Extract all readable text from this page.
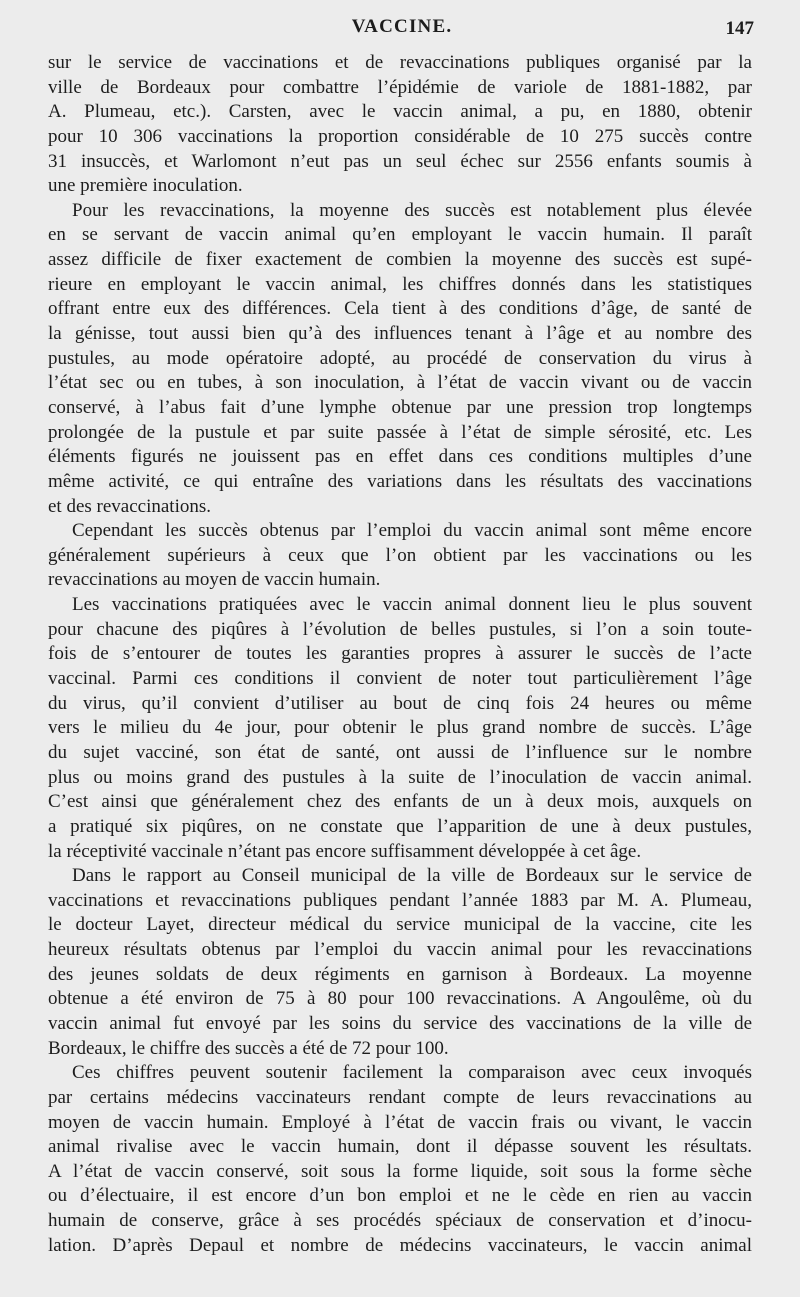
VACCINE.	147
sur le service de vaccinations et de revaccinations publiques organisé par la
ville de Bordeaux pour combattre l’épidémie de variole de 1881-1882, par
A. Plumeau, etc.). Carsten, avec le vaccin animal, a pu, en 1880, obtenir
pour 10 306 vaccinations la proportion considérable de 10 275 succès contre
31 insuccès, et Warlomont n’eut pas un seul échec sur 2556 enfants soumis à
une première inoculation.
Pour les revaccinations, la moyenne des succès est notablement plus élevée
en se servant de vaccin animal qu’en employant le vaccin humain. Il paraît
assez difficile de fixer exactement de combien la moyenne des succès est supé-
rieure en employant le vaccin animal, les chiffres donnés dans les statistiques
offrant entre eux des différences. Cela tient à des conditions d’âge, de santé de
la génisse, tout aussi bien qu’à des influences tenant à l’âge et au nombre des
pustules, au mode opératoire adopté, au procédé de conservation du virus à
l’état sec ou en tubes, à son inoculation, à l’état de vaccin vivant ou de vaccin
conservé, à l’abus fait d’une lymphe obtenue par une pression trop longtemps
prolongée de la pustule et par suite passée à l’état de simple sérosité, etc. Les
éléments figurés ne jouissent pas en effet dans ces conditions multiples d’une
même activité, ce qui entraîne des variations dans les résultats des vaccinations
et des revaccinations.
Cependant les succès obtenus par l’emploi du vaccin animal sont même encore
généralement supérieurs à ceux que l’on obtient par les vaccinations ou les
revaccinations au moyen de vaccin humain.
Les vaccinations pratiquées avec le vaccin animal donnent lieu le plus souvent
pour chacune des piqûres à l’évolution de belles pustules, si l’on a soin toute-
fois de s’entourer de toutes les garanties propres à assurer le succès de l’acte
vaccinal. Parmi ces conditions il convient de noter tout particulièrement l’âge
du virus, qu’il convient d’utiliser au bout de cinq fois 24 heures ou même
vers le milieu du 4e jour, pour obtenir le plus grand nombre de succès. L’âge
du sujet vacciné, son état de santé, ont aussi de l’influence sur le nombre
plus ou moins grand des pustules à la suite de l’inoculation de vaccin animal.
C’est ainsi que généralement chez des enfants de un à deux mois, auxquels on
a pratiqué six piqûres, on ne constate que l’apparition de une à deux pustules,
la réceptivité vaccinale n’étant pas encore suffisamment développée à cet âge.
Dans le rapport au Conseil municipal de la ville de Bordeaux sur le service de
vaccinations et revaccinations publiques pendant l’année 1883 par M. A. Plumeau,
le docteur Layet, directeur médical du service municipal de la vaccine, cite les
heureux résultats obtenus par l’emploi du vaccin animal pour les revaccinations
des jeunes soldats de deux régiments en garnison à Bordeaux. La moyenne
obtenue a été environ de 75 à 80 pour 100 revaccinations. A Angoulême, où du
vaccin animal fut envoyé par les soins du service des vaccinations de la ville de
Bordeaux, le chiffre des succès a été de 72 pour 100.
Ces chiffres peuvent soutenir facilement la comparaison avec ceux invoqués
par certains médecins vaccinateurs rendant compte de leurs revaccinations au
moyen de vaccin humain. Employé à l’état de vaccin frais ou vivant, le vaccin
animal rivalise avec le vaccin humain, dont il dépasse souvent les résultats.
A l’état de vaccin conservé, soit sous la forme liquide, soit sous la forme sèche
ou d’électuaire, il est encore d’un bon emploi et ne le cède en rien au vaccin
humain de conserve, grâce à ses procédés spéciaux de conservation et d’inocu-
lation. D’après Depaul et nombre de médecins vaccinateurs, le vaccin animal
